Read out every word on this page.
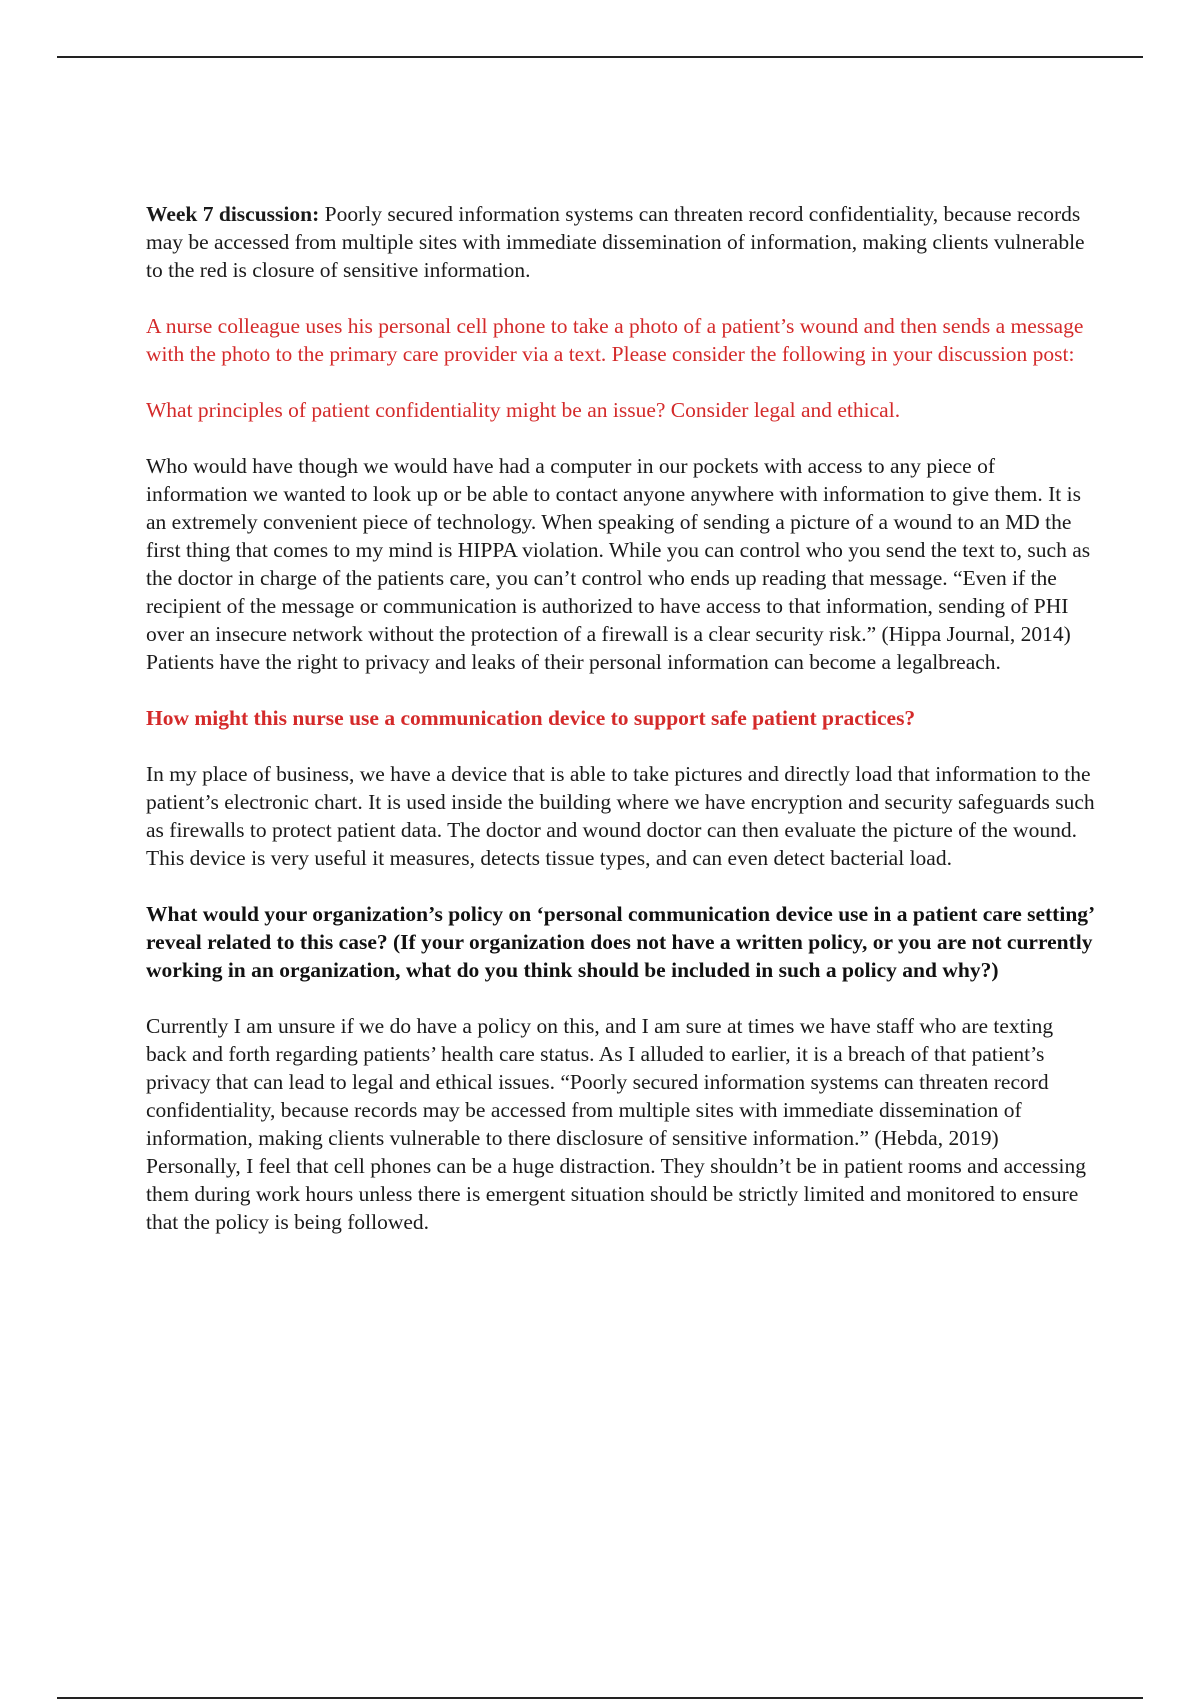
Week 7 discussion: Poorly secured information systems can threaten record confidentiality, because records may be accessed from multiple sites with immediate dissemination of information, making clients vulnerable to the red is closure of sensitive information.

A nurse colleague uses his personal cell phone to take a photo of a patient’s wound and then sends a message with the photo to the primary care provider via a text. Please consider the following in your discussion post:

What principles of patient confidentiality might be an issue? Consider legal and ethical.

Who would have though we would have had a computer in our pockets with access to any piece of information we wanted to look up or be able to contact anyone anywhere with information to give them. It is an extremely convenient piece of technology. When speaking of sending a picture of a wound to an MD the first thing that comes to my mind is HIPPA violation. While you can control who you send the text to, such as the doctor in charge of the patients care, you can’t control who ends up reading that message. “Even if the recipient of the message or communication is authorized to have access to that information, sending of PHI over an insecure network without the protection of a firewall is a clear security risk.” (Hippa Journal, 2014) Patients have the right to privacy and leaks of their personal information can become a legalbreach.

How might this nurse use a communication device to support safe patient practices?

In my place of business, we have a device that is able to take pictures and directly load that information to the patient’s electronic chart. It is used inside the building where we have encryption and security safeguards such as firewalls to protect patient data. The doctor and wound doctor can then evaluate the picture of the wound. This device is very useful it measures, detects tissue types, and can even detect bacterial load.

What would your organization’s policy on ‘personal communication device use in a patient care setting’ reveal related to this case? (If your organization does not have a written policy, or you are not currently working in an organization, what do you think should be included in such a policy and why?)

Currently I am unsure if we do have a policy on this, and I am sure at times we have staff who are texting back and forth regarding patients’ health care status. As I alluded to earlier, it is a breach of that patient’s privacy that can lead to legal and ethical issues. “Poorly secured information systems can threaten record confidentiality, because records may be accessed from multiple sites with immediate dissemination of information, making clients vulnerable to there disclosure of sensitive information.” (Hebda, 2019) Personally, I feel that cell phones can be a huge distraction. They shouldn’t be in patient rooms and accessing them during work hours unless there is emergent situation should be strictly limited and monitored to ensure that the policy is being followed.
